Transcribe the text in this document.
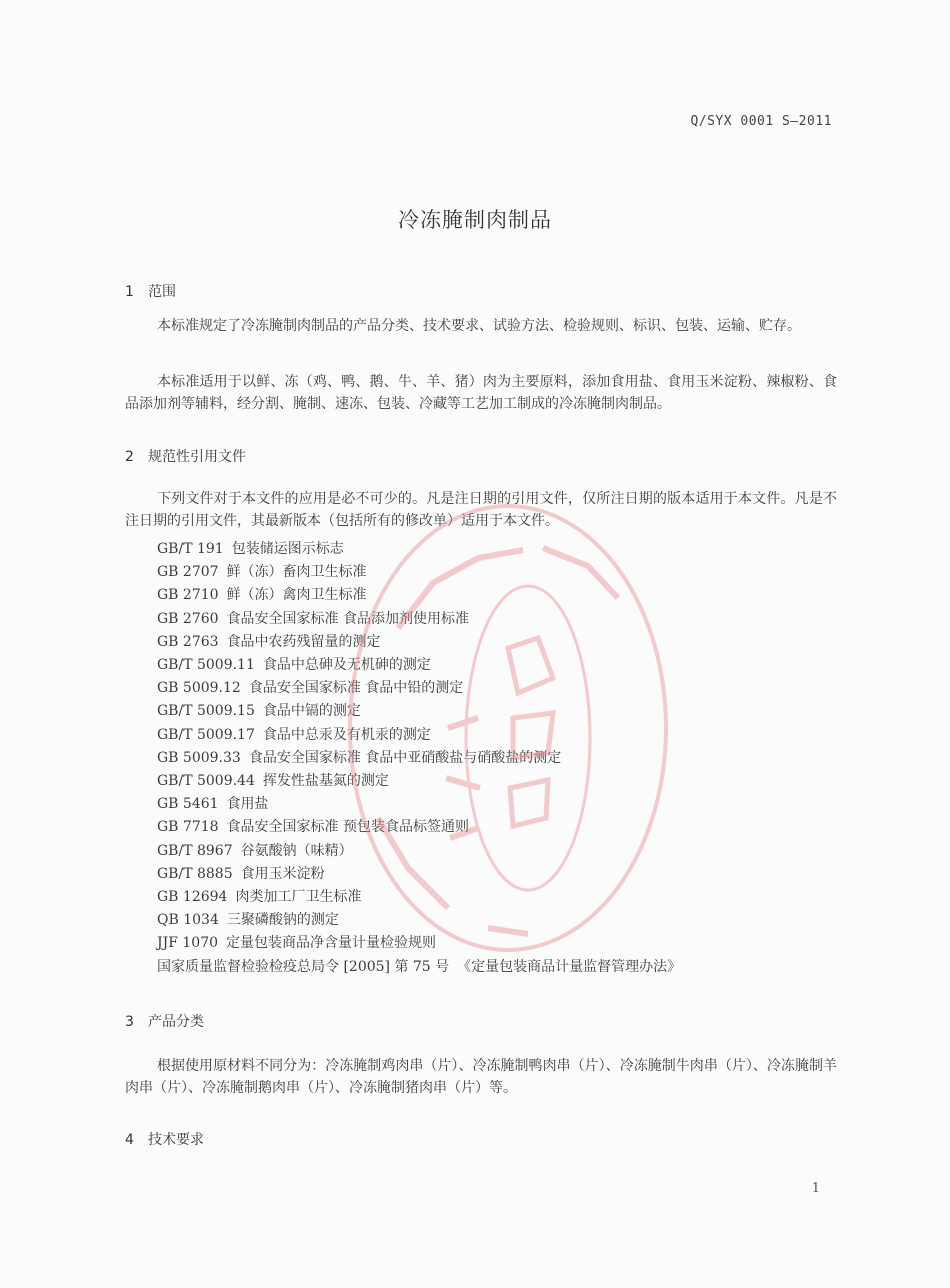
Q/SYX 0001 S—2011
冷冻腌制肉制品
1 范围

本标准规定了冷冻腌制肉制品的产品分类、技术要求、试验方法、检验规则、标识、包装、运输、贮存。

本标准适用于以鲜、冻（鸡、鸭、鹅、牛、羊、猪）肉为主要原料，添加食用盐、食用玉米淀粉、辣椒粉、食品添加剂等辅料，经分割、腌制、速冻、包装、冷藏等工艺加工制成的冷冻腌制肉制品。

2 规范性引用文件

下列文件对于本文件的应用是必不可少的。凡是注日期的引用文件，仅所注日期的版本适用于本文件。凡是不注日期的引用文件，其最新版本（包括所有的修改单）适用于本文件。

GB/T 191 包装储运图示标志
GB 2707 鲜（冻）畜肉卫生标准
GB 2710 鲜（冻）禽肉卫生标准
GB 2760 食品安全国家标准 食品添加剂使用标准
GB 2763 食品中农药残留量的测定
GB/T 5009.11 食品中总砷及无机砷的测定
GB 5009.12 食品安全国家标准 食品中铅的测定
GB/T 5009.15 食品中镉的测定
GB/T 5009.17 食品中总汞及有机汞的测定
GB 5009.33 食品安全国家标准 食品中亚硝酸盐与硝酸盐的测定
GB/T 5009.44 挥发性盐基氮的测定
GB 5461 食用盐
GB 7718 食品安全国家标准 预包装食品标签通则
GB/T 8967 谷氨酸钠（味精）
GB/T 8885 食用玉米淀粉
GB 12694 肉类加工厂卫生标准
QB 1034 三聚磷酸钠的测定
JJF 1070 定量包装商品净含量计量检验规则
国家质量监督检验检疫总局令 [2005] 第 75 号 《定量包装商品计量监督管理办法》
3 产品分类

根据使用原材料不同分为：冷冻腌制鸡肉串（片）、冷冻腌制鸭肉串（片）、冷冻腌制牛肉串（片）、冷冻腌制羊肉串（片）、冷冻腌制鹅肉串（片）、冷冻腌制猪肉串（片）等。

4 技术要求
1
